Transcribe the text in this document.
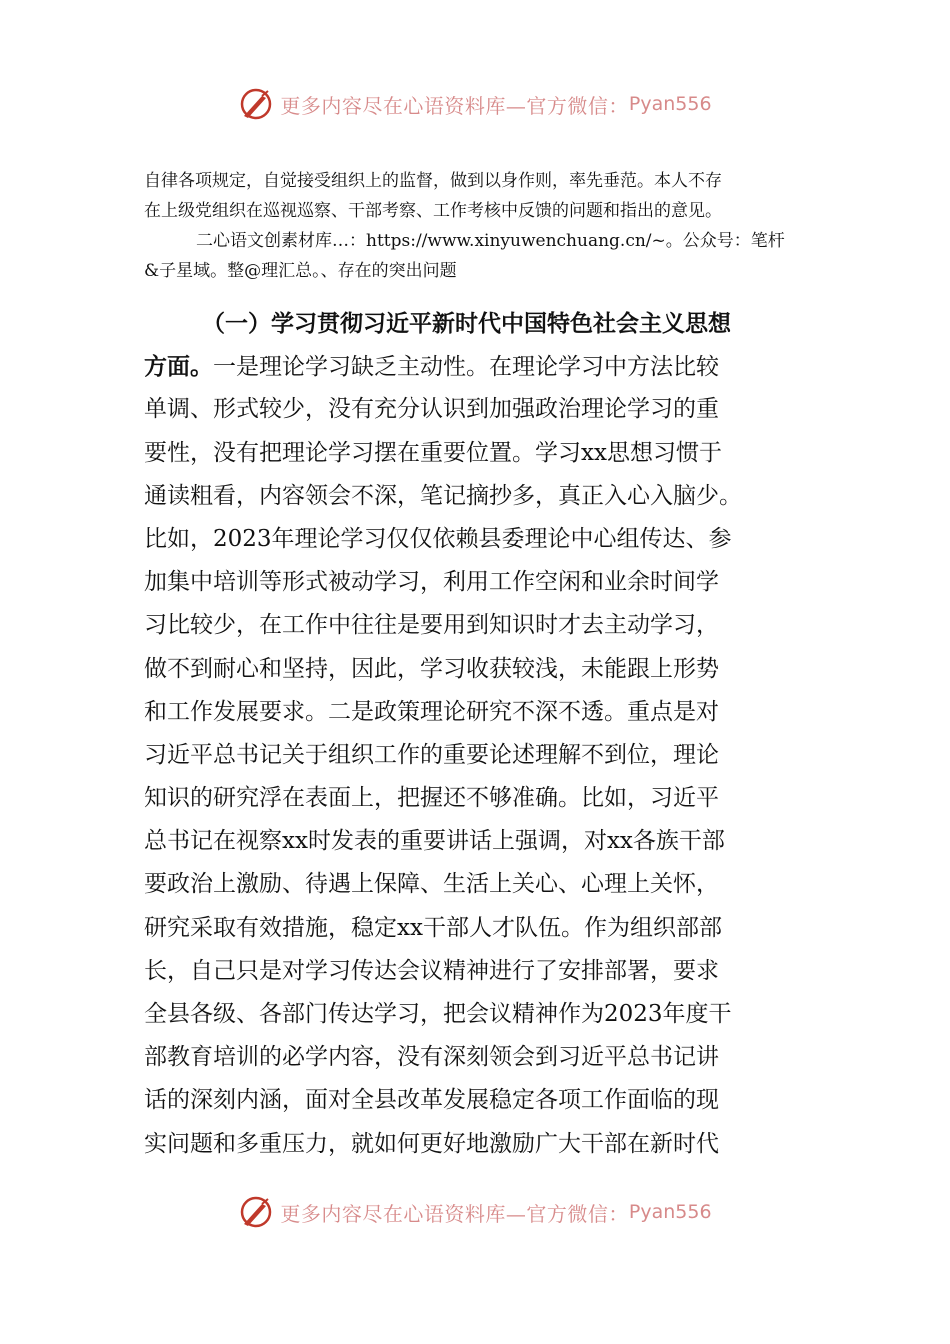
更多内容尽在心语资料库—官方微信： Pyan556

自律各项规定，自觉接受组织上的监督，做到以身作则，率先垂范。本人不存

在上级党组织在巡视巡察、干部考察、工作考核中反馈的问题和指出的意见。

二心语文创素材库…：https://www.xinyuwenchuang.cn/~。公众号：笔杆

&子星域。整@理汇总。、存在的突出问题

（一）学习贯彻习近平新时代中国特色社会主义思想
方面。一是理论学习缺乏主动性。在理论学习中方法比较
单调、形式较少，没有充分认识到加强政治理论学习的重
要性，没有把理论学习摆在重要位置。学习xx思想习惯于
通读粗看，内容领会不深，笔记摘抄多，真正入心入脑少。
比如，2023年理论学习仅仅依赖县委理论中心组传达、参
加集中培训等形式被动学习，利用工作空闲和业余时间学
习比较少，在工作中往往是要用到知识时才去主动学习，
做不到耐心和坚持，因此，学习收获较浅，未能跟上形势
和工作发展要求。二是政策理论研究不深不透。重点是对
习近平总书记关于组织工作的重要论述理解不到位，理论
知识的研究浮在表面上，把握还不够准确。比如，习近平
总书记在视察xx时发表的重要讲话上强调，对xx各族干部
要政治上激励、待遇上保障、生活上关心、心理上关怀，
研究采取有效措施，稳定xx干部人才队伍。作为组织部部
长，自己只是对学习传达会议精神进行了安排部署，要求
全县各级、各部门传达学习，把会议精神作为2023年度干
部教育培训的必学内容，没有深刻领会到习近平总书记讲
话的深刻内涵，面对全县改革发展稳定各项工作面临的现
实问题和多重压力，就如何更好地激励广大干部在新时代
更多内容尽在心语资料库—官方微信： Pyan556
